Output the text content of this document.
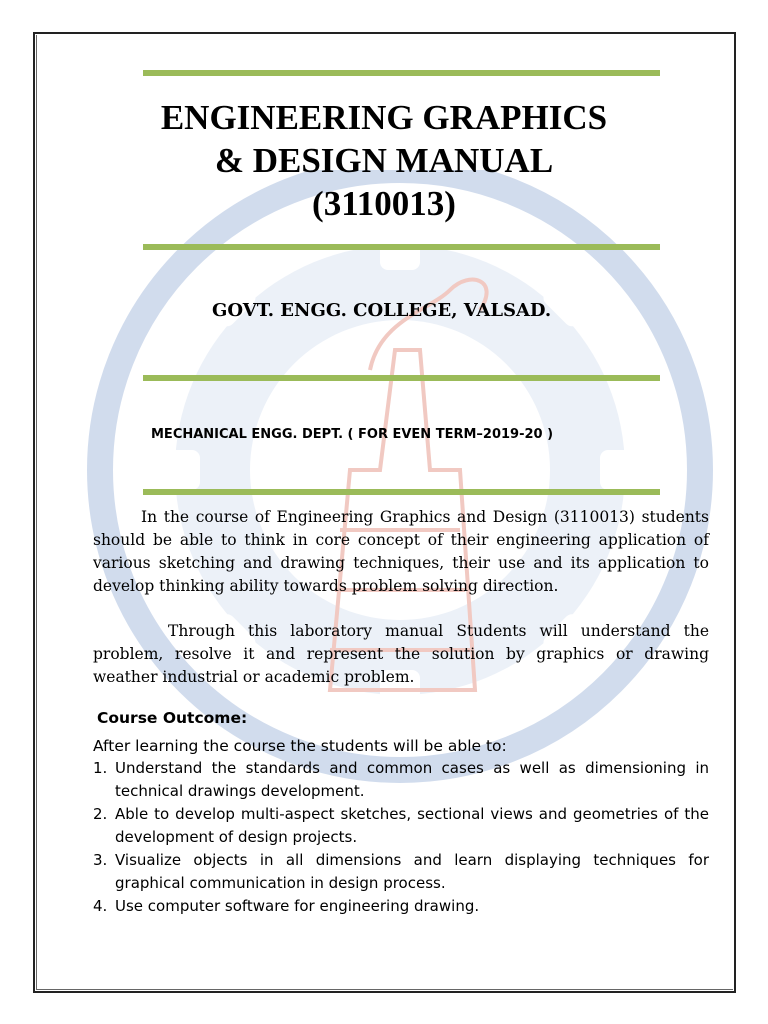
ENGINEERING GRAPHICS
& DESIGN MANUAL
(3110013)

GOVT. ENGG. COLLEGE, VALSAD.

MECHANICAL ENGG. DEPT. ( FOR EVEN TERM–2019-20 )

In the course of Engineering Graphics and Design (3110013) students should be able to think in core concept of their engineering application of various sketching and drawing techniques, their use and its application to develop thinking ability towards problem solving direction.

Through this laboratory manual Students will understand the problem, resolve it and represent the solution by graphics or drawing weather industrial or academic problem.

Course Outcome:

After learning the course the students will be able to:

1. Understand the standards and common cases as well as dimensioning in technical drawings development.
2. Able to develop multi-aspect sketches, sectional views and geometries of the development of design projects.
3. Visualize objects in all dimensions and learn displaying techniques for graphical communication in design process.
4. Use computer software for engineering drawing.
